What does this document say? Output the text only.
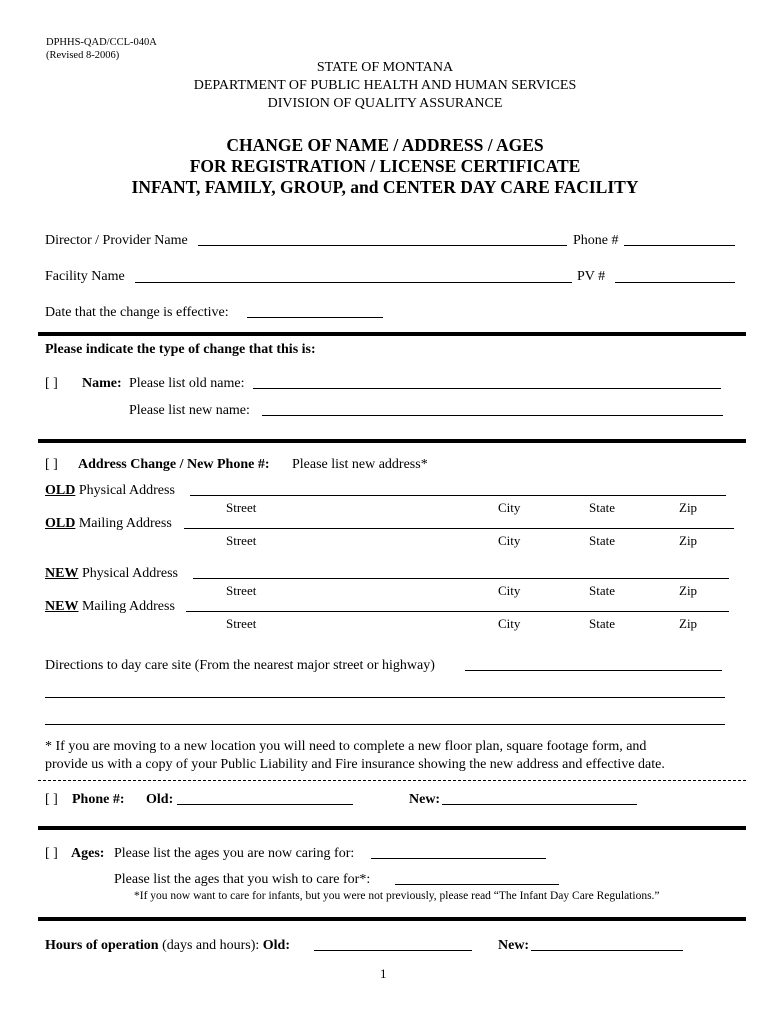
DPHHS-QAD/CCL-040A
(Revised 8-2006)
STATE OF MONTANA
DEPARTMENT OF PUBLIC HEALTH AND HUMAN SERVICES
DIVISION OF QUALITY ASSURANCE
CHANGE OF NAME / ADDRESS / AGES
FOR REGISTRATION / LICENSE CERTIFICATE
INFANT, FAMILY, GROUP, and CENTER DAY CARE FACILITY
Director / Provider Name	Phone #
Facility Name	PV #
Date that the change is effective:
Please indicate the type of change that this is:
[ ] Name: Please list old name:
Please list new name:
[ ] Address Change / New Phone #: Please list new address*
OLD Physical Address
Street	City	State	Zip
OLD Mailing Address
Street	City	State	Zip
NEW Physical Address
Street	City	State	Zip
NEW Mailing Address
Street	City	State	Zip
Directions to day care site (From the nearest major street or highway)
* If you are moving to a new location you will need to complete a new floor plan, square footage form, and
provide us with a copy of your Public Liability and Fire insurance showing the new address and effective date.
[ ] Phone #: Old:	New:
[ ] Ages: Please list the ages you are now caring for:
Please list the ages that you wish to care for*:
*If you now want to care for infants, but you were not previously, please read “The Infant Day Care Regulations.”
Hours of operation (days and hours): Old:	New:
1
